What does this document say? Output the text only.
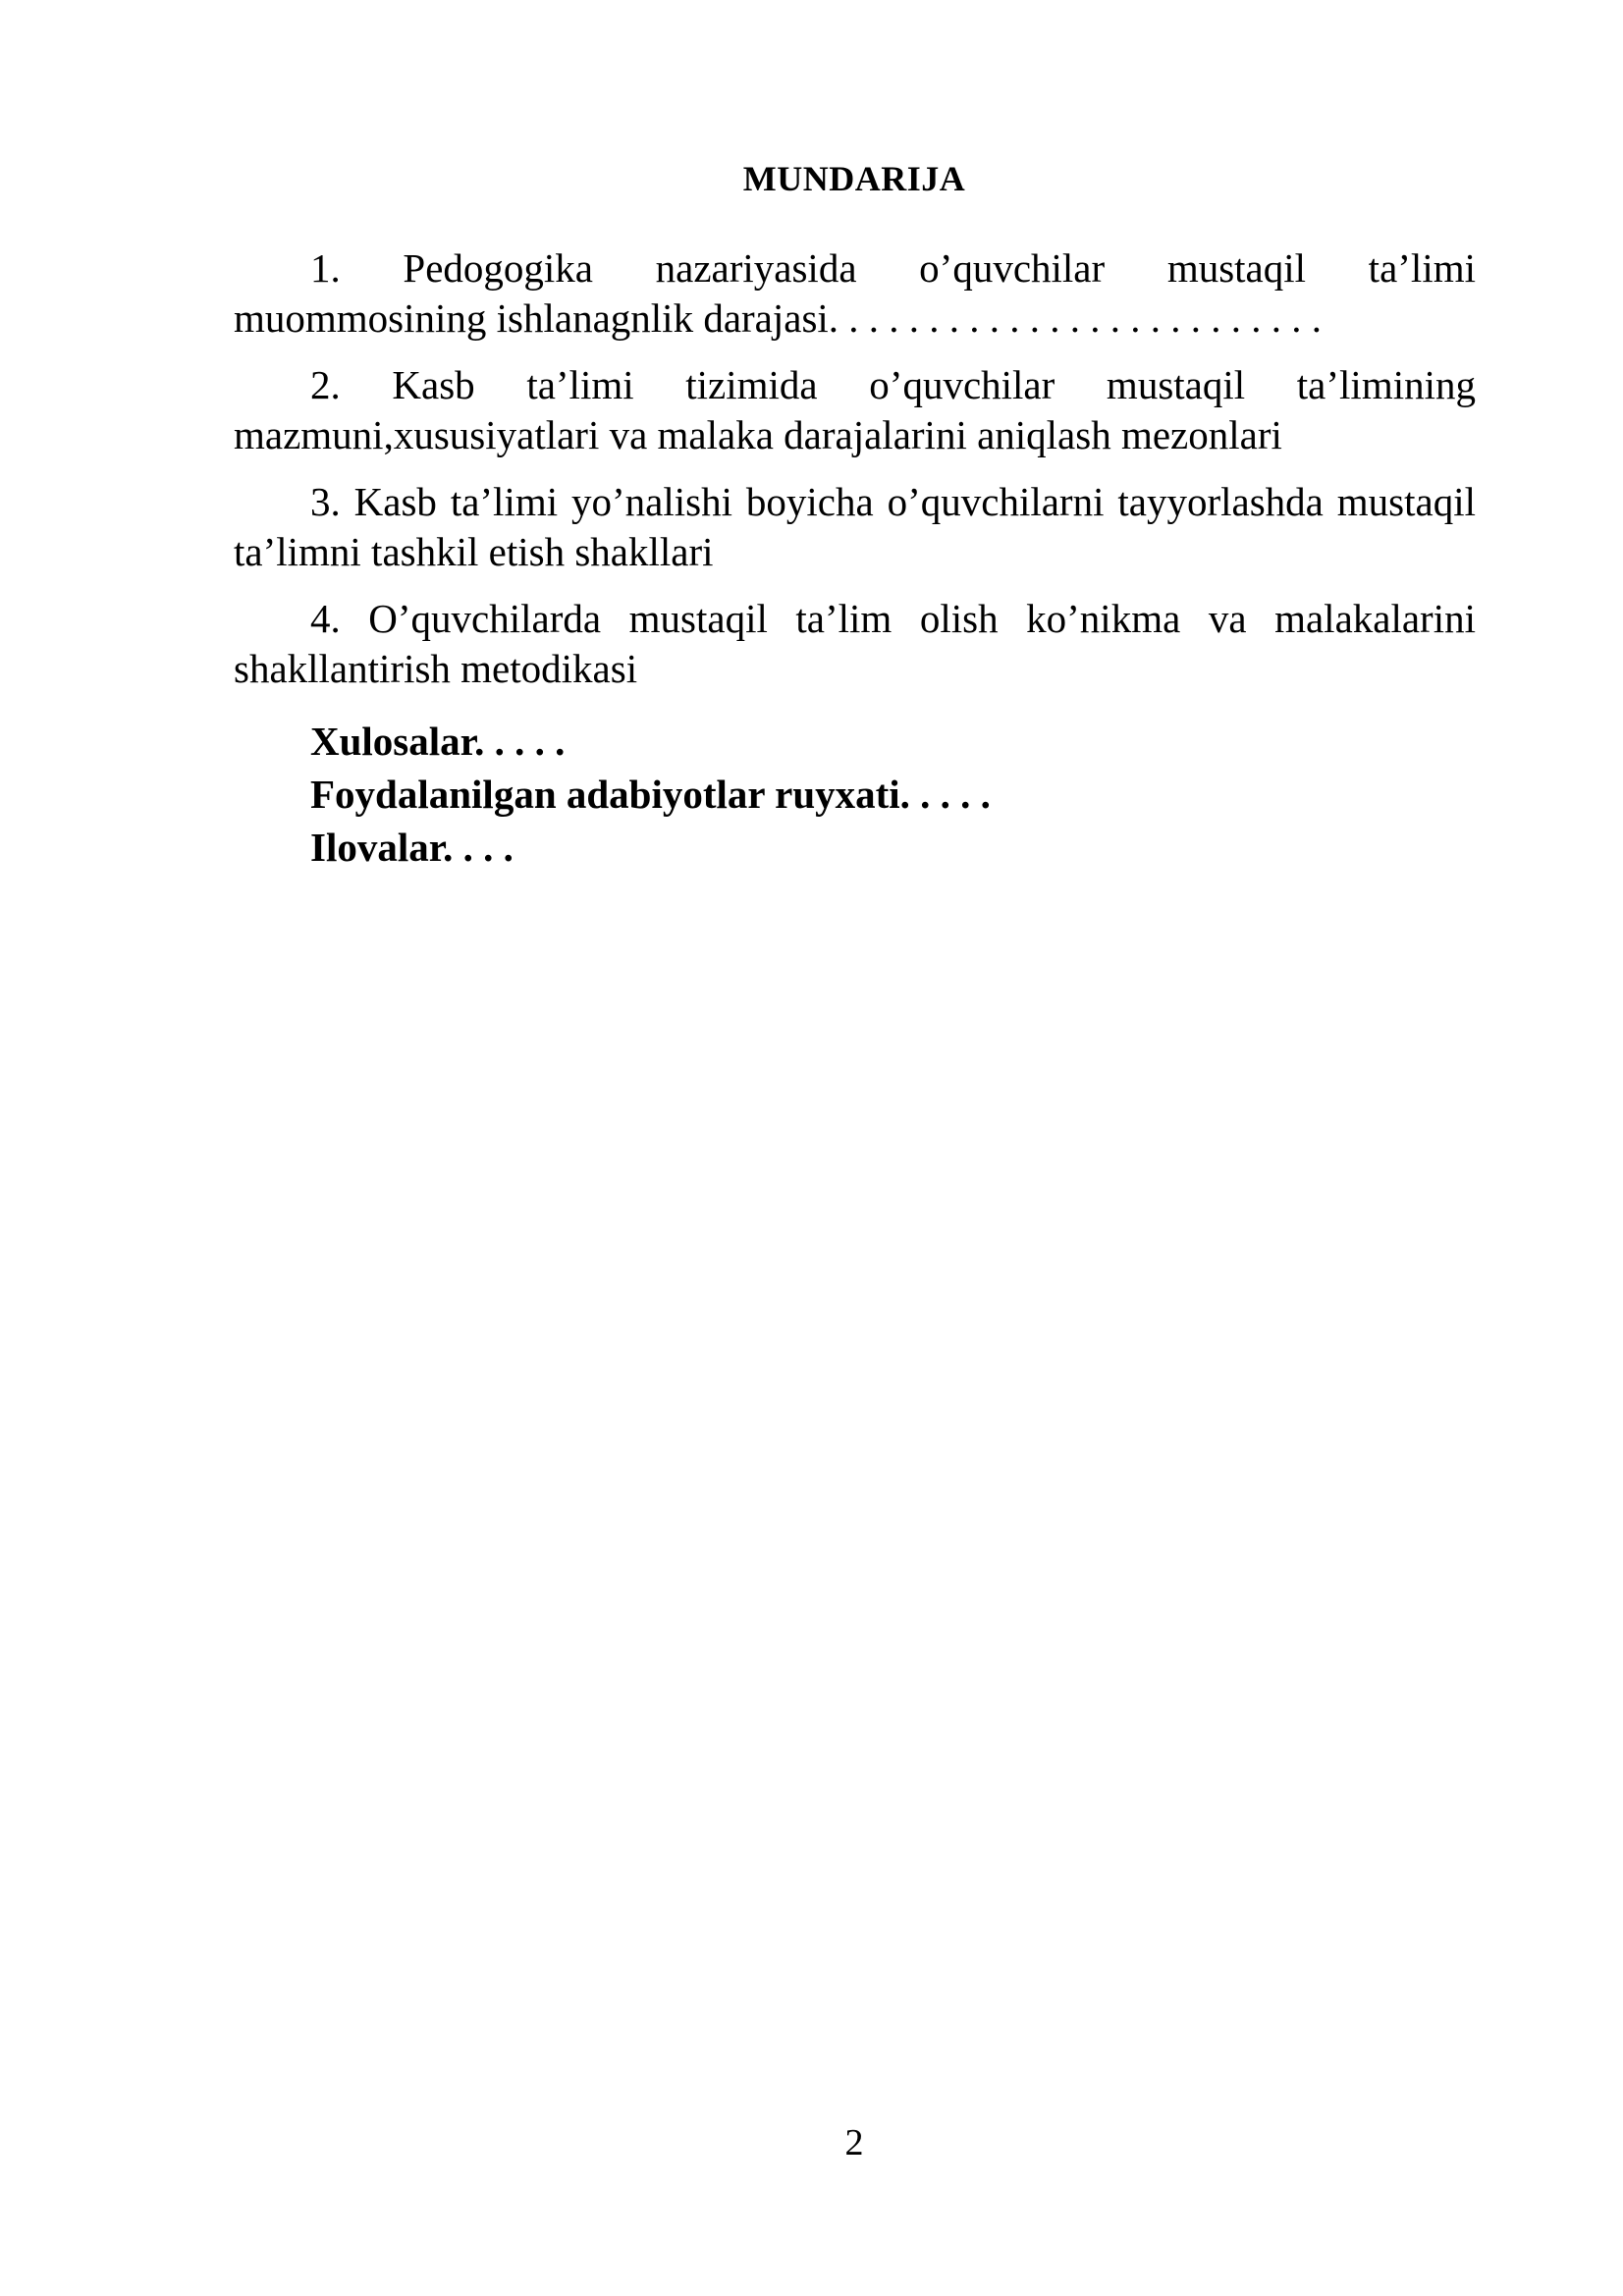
MUNDARIJA

1. Pedogogika nazariyasida o’quvchilar mustaqil ta’limi muommosining ishlanagnlik darajasi. . . . . . . . . . . . . . . . . . . . . . . . .

2. Kasb ta’limi tizimida o’quvchilar mustaqil ta’limining mazmuni,xususiyatlari va malaka darajalarini aniqlash mezonlari

3. Kasb ta’limi yo’nalishi boyicha o’quvchilarni tayyorlashda mustaqil ta’limni tashkil etish shakllari

4. O’quvchilarda mustaqil ta’lim olish ko’nikma va malakalarini shakllantirish metodikasi

Xulosalar. . . . .
Foydalanilgan adabiyotlar ruyxati. . . . .
Ilovalar. . . .
2
